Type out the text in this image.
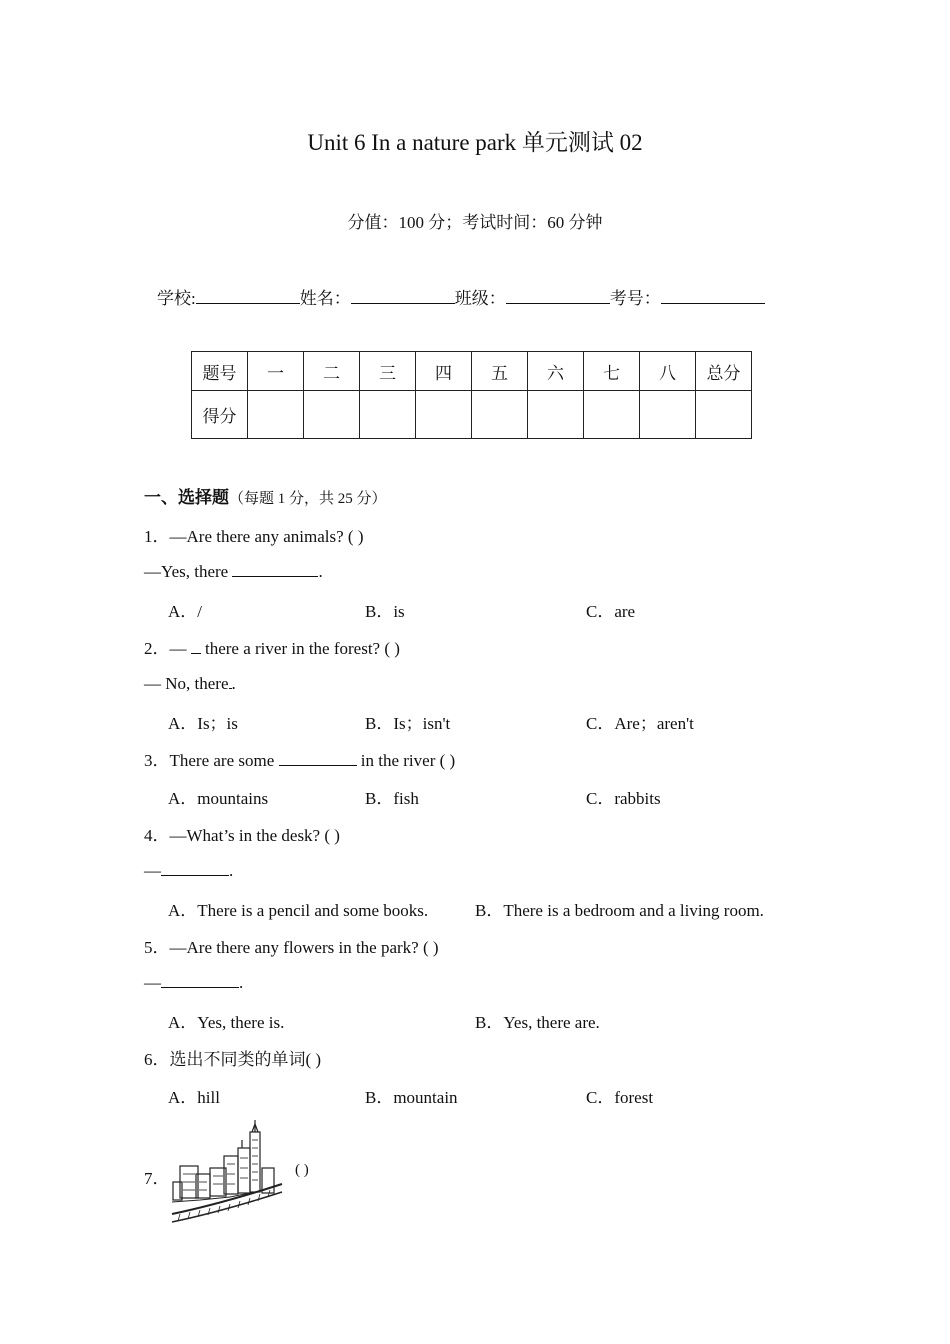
Unit 6 In a nature park 单元测试 02
分值：100 分；考试时间：60 分钟
学校:	姓名：	班级：	考号：
题号	一	二	三	四	五	六	七	八	总分
得分									
一、选择题（每题 1 分，共 25 分）
1．—Are there any animals? ( )
—Yes, there	.
A．/	B．is	C．are
2．—  there a river in the forest? ( )
— No, there .
A．Is；is	B．Is；isn't	C．Are；aren't
3．There are some	in the river ( )
A．mountains	B．fish	C．rabbits
4．—What’s in the desk? ( )
—	.
A．There is a pencil and some books.	B．There is a bedroom and a living room.
5．—Are there any flowers in the park? ( )
—	.
A．Yes, there is.	B．Yes, there are.
6．选出不同类的单词( )
A．hill	B．mountain	C．forest
7．	( )
